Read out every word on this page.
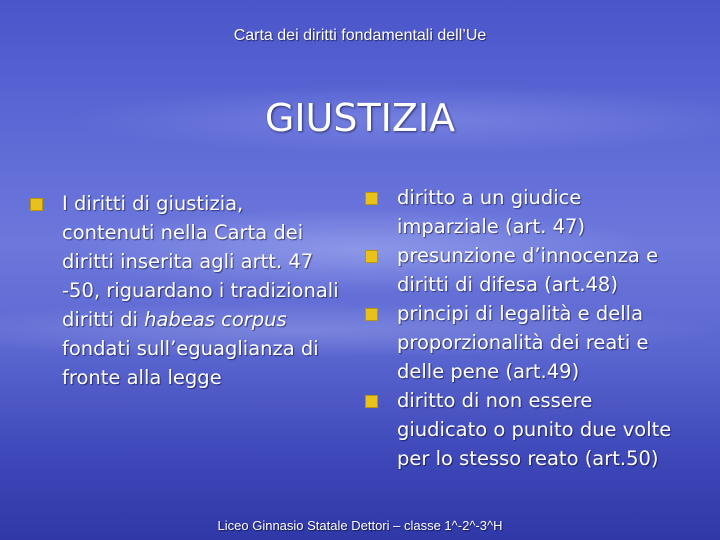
Carta dei diritti fondamentali dell’Ue
GIUSTIZIA
I diritti di giustizia, contenuti nella Carta dei diritti inserita agli artt. 47 -50, riguardano i tradizionali diritti di habeas corpus fondati sull’eguaglianza di fronte alla legge
diritto a un giudice imparziale (art. 47)
presunzione d’innocenza e diritti di difesa (art.48)
principi di legalità e della proporzionalità dei reati e delle pene (art.49)
diritto di non essere giudicato o punito due volte per lo stesso reato (art.50)
Liceo Ginnasio Statale Dettori – classe 1^-2^-3^H
